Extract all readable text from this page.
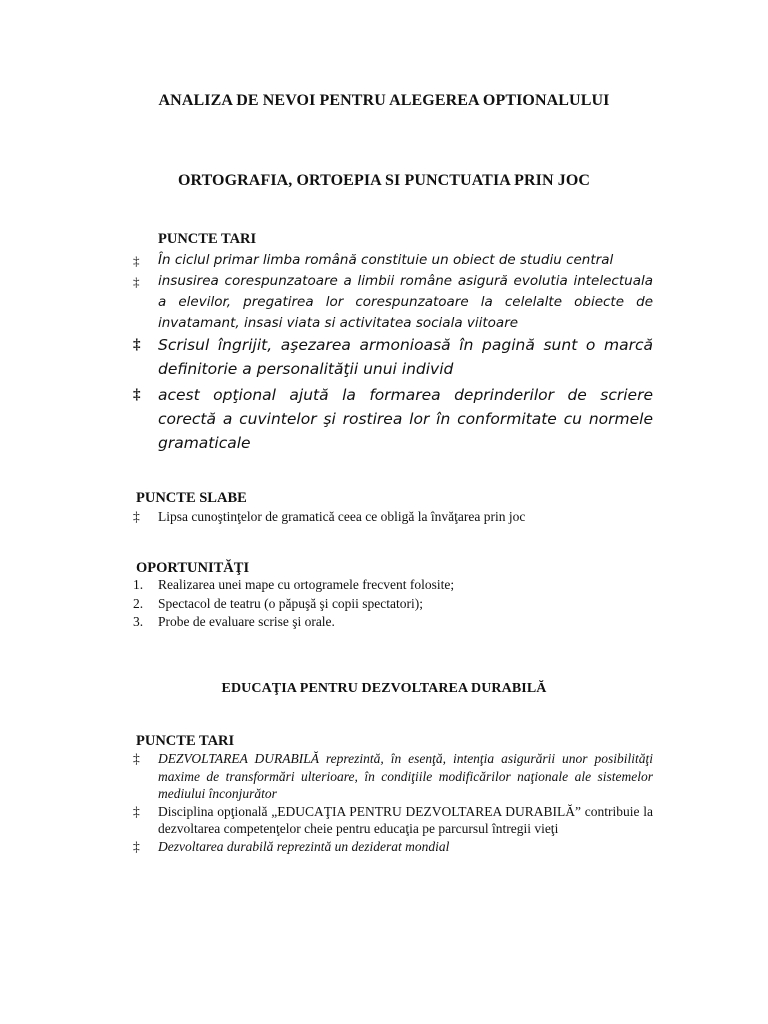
ANALIZA DE NEVOI PENTRU ALEGEREA OPTIONALULUI
ORTOGRAFIA, ORTOEPIA SI PUNCTUATIA PRIN JOC
PUNCTE TARI
‡ În ciclul primar limba română constituie un obiect de studiu central
‡ insusirea corespunzatoare a limbii române asigură evolutia intelectuala a elevilor, pregatirea lor corespunzatoare la celelalte obiecte de invatamant, insasi viata si activitatea sociala viitoare
‡ Scrisul îngrijit, aşezarea armonioasă în pagină sunt o marcă definitorie a personalităţii unui individ
‡ acest opţional ajută la formarea deprinderilor de scriere corectă a cuvintelor şi rostirea lor în conformitate cu normele gramaticale
PUNCTE SLABE
‡ Lipsa cunoştinţelor de gramatică ceea ce obligă la învăţarea prin joc
OPORTUNITĂŢI
1. Realizarea unei mape cu ortogramele frecvent folosite;
2. Spectacol de teatru (o păpuşă şi copii spectatori);
3. Probe de evaluare scrise şi orale.
EDUCAŢIA PENTRU DEZVOLTAREA DURABILĂ
PUNCTE TARI
‡ DEZVOLTAREA DURABILĂ reprezintă, în esenţă, intenţia asigurării unor posibilităţi maxime de transformări ulterioare, în condiţiile modificărilor naţionale ale sistemelor mediului înconjurător
‡ Disciplina opţională „EDUCAŢIA PENTRU DEZVOLTAREA DURABILĂ” contribuie la dezvoltarea competenţelor cheie pentru educaţia pe parcursul întregii vieţi
‡ Dezvoltarea durabilă reprezintă un deziderat mondial
